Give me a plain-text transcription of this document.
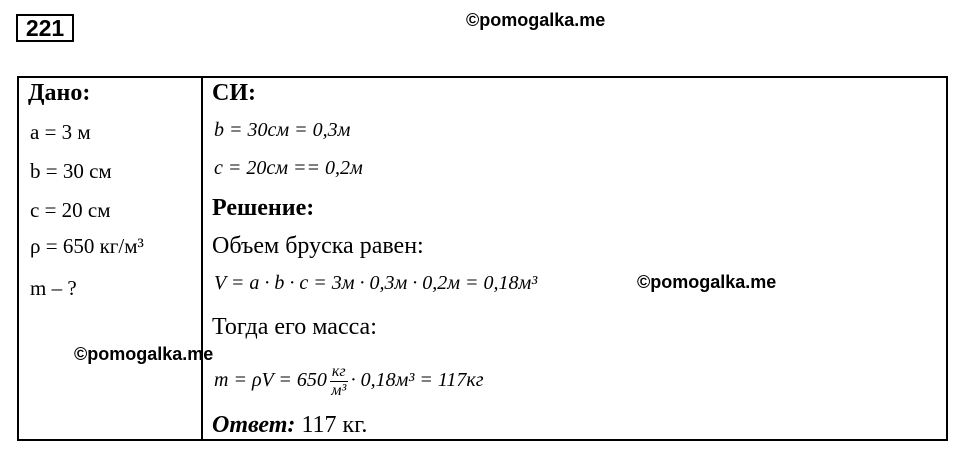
221	©pomogalka.me
Дано:
a = 3 м
b = 30 см
c = 20 см
ρ = 650 кг/м³
m – ?
СИ:
b = 30см = 0,3м
c = 20см == 0,2м
Решение:
Объем бруска равен:
V = a · b · c = 3м · 0,3м · 0,2м = 0,18м³	©pomogalka.me
Тогда его масса:
©pomogalka.me
$m = \rho V = 650 \frac{кг}{\text{м³}} \cdot 0,18м^3 = 117кг$
Ответ: 117 кг.
